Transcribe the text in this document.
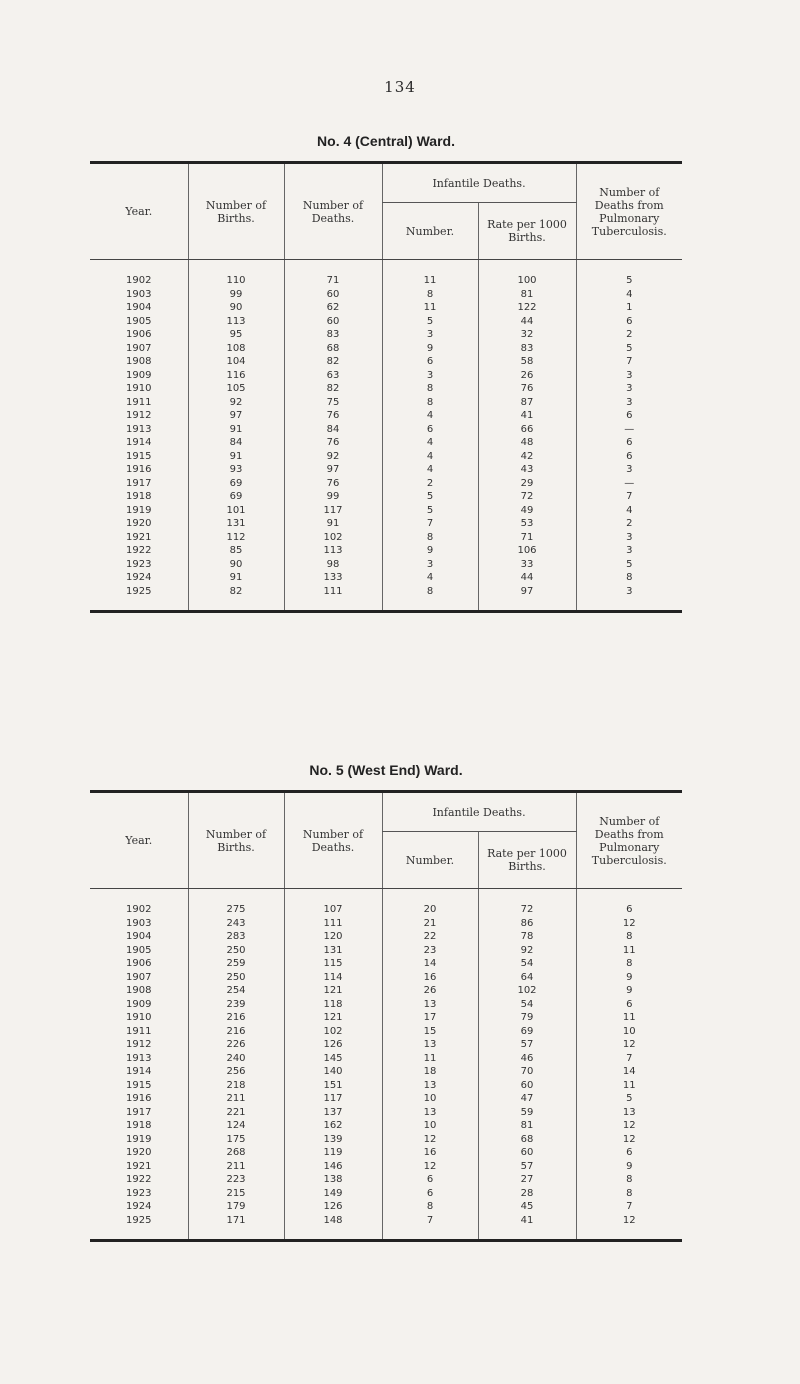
134
No. 4 (Central) Ward.
Year.	Number of Births.	Number of Deaths.	Infantile Deaths.		Number of Deaths from Pulmonary Tuberculosis.
			Number.	Rate per 1000 Births.	
1902	110	71	11	100	5
1903	99	60	8	81	4
1904	90	62	11	122	1
1905	113	60	5	44	6
1906	95	83	3	32	2
1907	108	68	9	83	5
1908	104	82	6	58	7
1909	116	63	3	26	3
1910	105	82	8	76	3
1911	92	75	8	87	3
1912	97	76	4	41	6
1913	91	84	6	66	—
1914	84	76	4	48	6
1915	91	92	4	42	6
1916	93	97	4	43	3
1917	69	76	2	29	—
1918	69	99	5	72	7
1919	101	117	5	49	4
1920	131	91	7	53	2
1921	112	102	8	71	3
1922	85	113	9	106	3
1923	90	98	3	33	5
1924	91	133	4	44	8
1925	82	111	8	97	3
No. 5 (West End) Ward.
Year.	Number of Births.	Number of Deaths.	Infantile Deaths.		Number of Deaths from Pulmonary Tuberculosis.
			Number.	Rate per 1000 Births.	
1902	275	107	20	72	6
1903	243	111	21	86	12
1904	283	120	22	78	8
1905	250	131	23	92	11
1906	259	115	14	54	8
1907	250	114	16	64	9
1908	254	121	26	102	9
1909	239	118	13	54	6
1910	216	121	17	79	11
1911	216	102	15	69	10
1912	226	126	13	57	12
1913	240	145	11	46	7
1914	256	140	18	70	14
1915	218	151	13	60	11
1916	211	117	10	47	5
1917	221	137	13	59	13
1918	124	162	10	81	12
1919	175	139	12	68	12
1920	268	119	16	60	6
1921	211	146	12	57	9
1922	223	138	6	27	8
1923	215	149	6	28	8
1924	179	126	8	45	7
1925	171	148	7	41	12
